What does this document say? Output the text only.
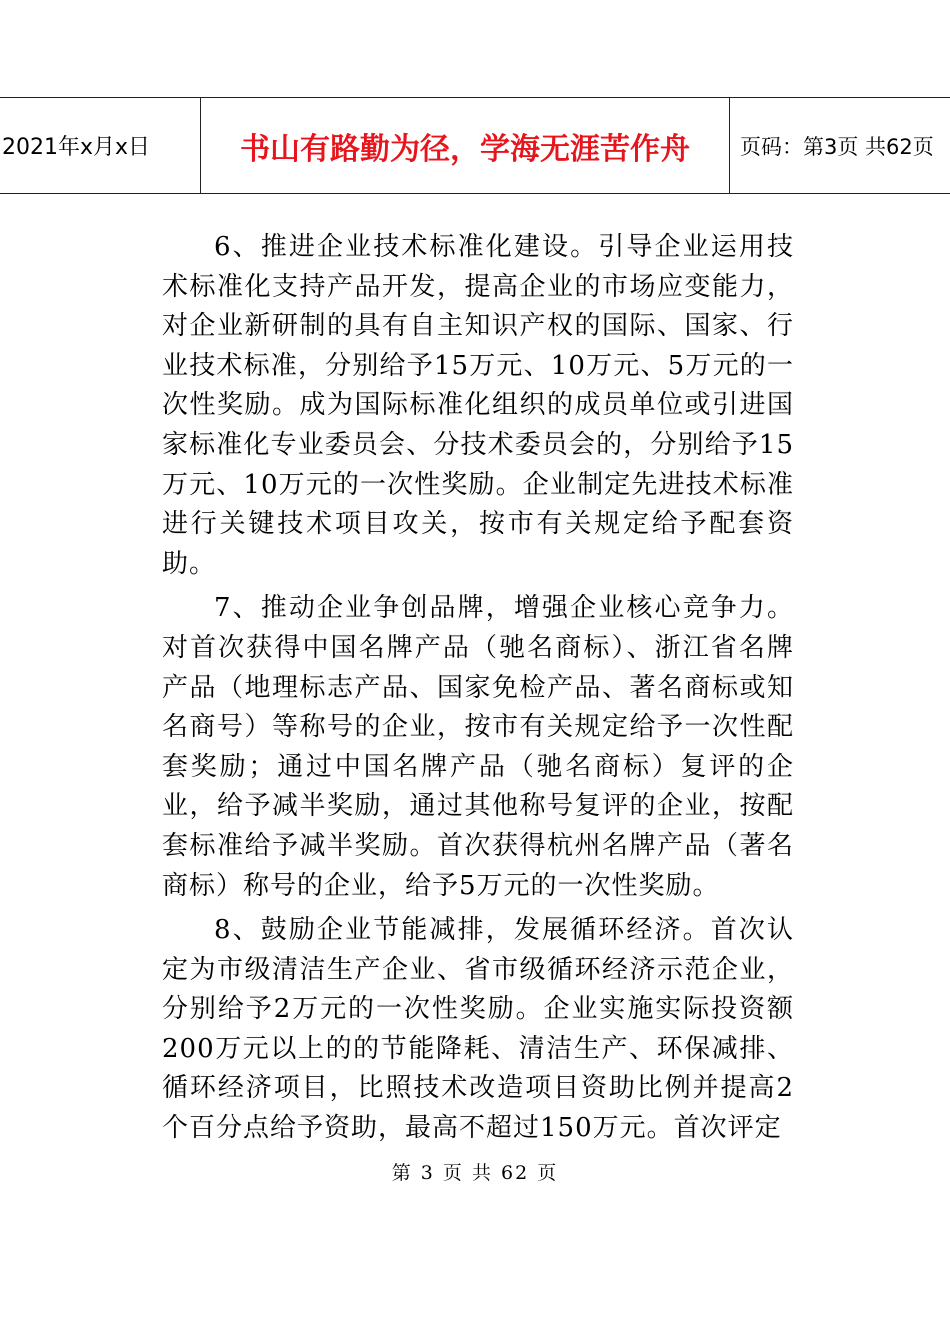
2021年x月x日	书山有路勤为径，学海无涯苦作舟	页码：第3页 共62页

6、推进企业技术标准化建设。引导企业运用技术标准化支持产品开发，提高企业的市场应变能力，对企业新研制的具有自主知识产权的国际、国家、行业技术标准，分别给予15万元、10万元、5万元的一次性奖励。成为国际标准化组织的成员单位或引进国家标准化专业委员会、分技术委员会的，分别给予15万元、10万元的一次性奖励。企业制定先进技术标准进行关键技术项目攻关，按市有关规定给予配套资助。

7、推动企业争创品牌，增强企业核心竞争力。对首次获得中国名牌产品（驰名商标）、浙江省名牌产品（地理标志产品、国家免检产品、著名商标或知名商号）等称号的企业，按市有关规定给予一次性配套奖励；通过中国名牌产品（驰名商标）复评的企业，给予减半奖励，通过其他称号复评的企业，按配套标准给予减半奖励。首次获得杭州名牌产品（著名商标）称号的企业，给予5万元的一次性奖励。

8、鼓励企业节能减排，发展循环经济。首次认定为市级清洁生产企业、省市级循环经济示范企业，分别给予2万元的一次性奖励。企业实施实际投资额200万元以上的的节能降耗、清洁生产、环保减排、循环经济项目，比照技术改造项目资助比例并提高2个百分点给予资助，最高不超过150万元。首次评定

第 3 页 共 62 页
